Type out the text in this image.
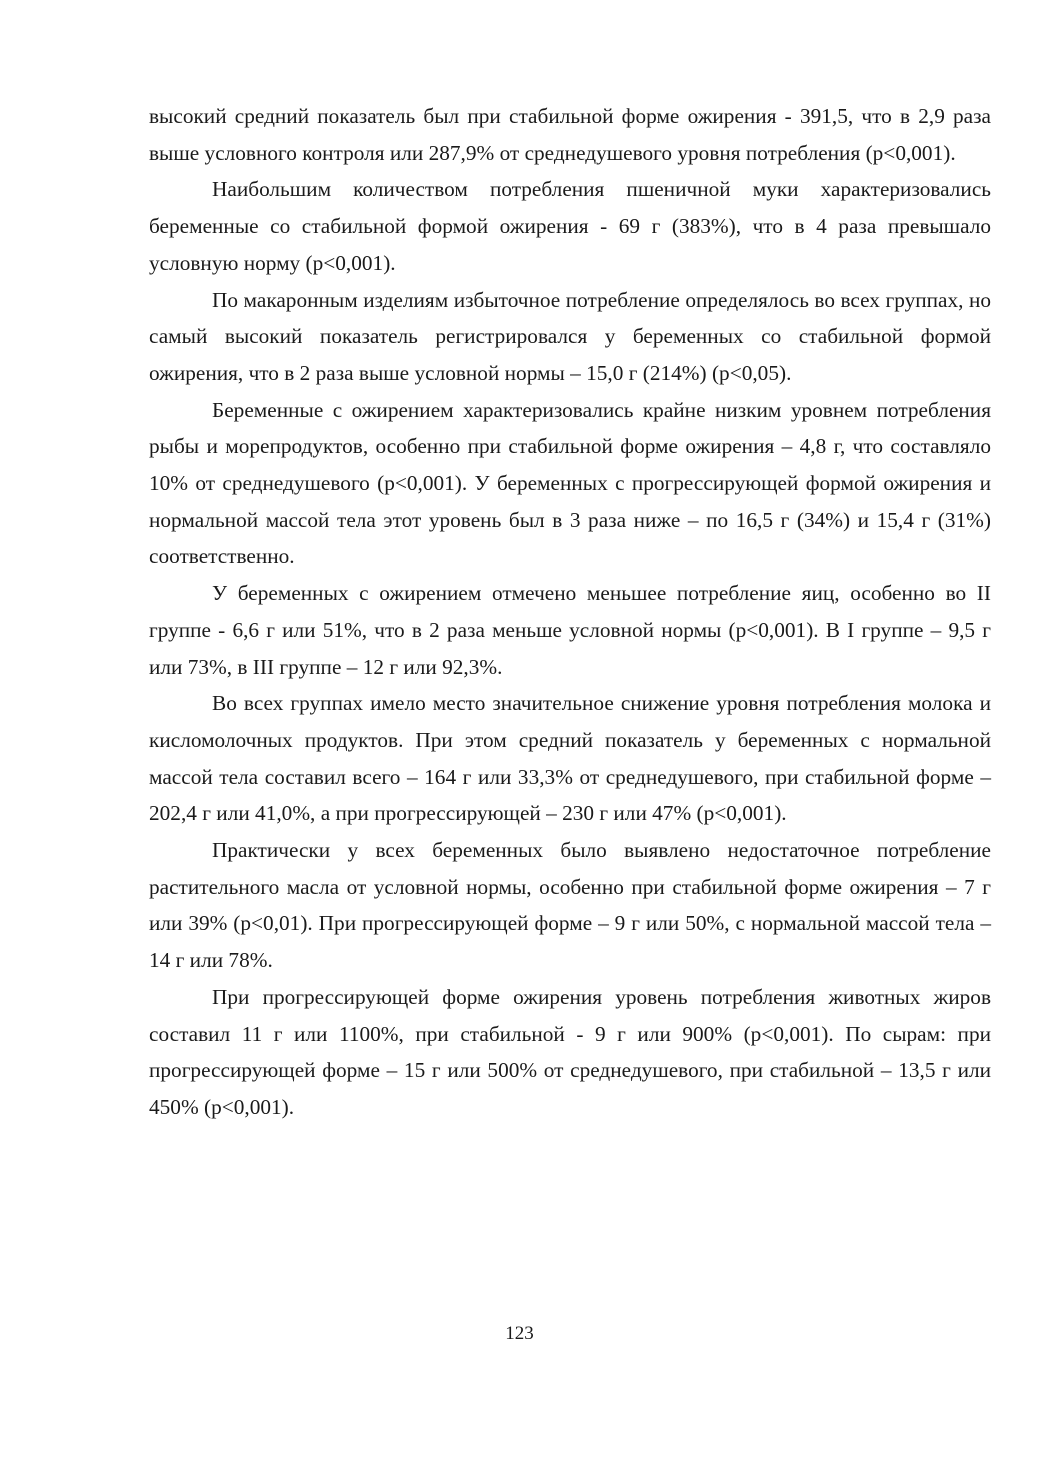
высокий средний показатель был при стабильной форме ожирения - 391,5, что в 2,9 раза выше условного контроля или 287,9% от среднедушевого уровня потребления (р<0,001).

Наибольшим количеством потребления пшеничной муки характеризовались беременные со стабильной формой ожирения - 69 г (383%), что в 4 раза превышало условную норму (р<0,001).

По макаронным изделиям избыточное потребление определялось во всех группах, но самый высокий показатель регистрировался у беременных со стабильной формой ожирения, что в 2 раза выше условной нормы – 15,0 г (214%) (р<0,05).

Беременные с ожирением характеризовались крайне низким уровнем потребления рыбы и морепродуктов, особенно при стабильной форме ожирения – 4,8 г, что составляло 10% от среднедушевого (р<0,001). У беременных с прогрессирующей формой ожирения и нормальной массой тела этот уровень был в 3 раза ниже – по 16,5 г (34%) и 15,4 г (31%) соответственно.

У беременных с ожирением отмечено меньшее потребление яиц, особенно во II группе - 6,6 г или 51%, что в 2 раза меньше условной нормы (р<0,001). В I группе – 9,5 г или 73%, в III группе – 12 г или 92,3%.

Во всех группах имело место значительное снижение уровня потребления молока и кисломолочных продуктов. При этом средний показатель у беременных с нормальной массой тела составил всего – 164 г или 33,3% от среднедушевого, при стабильной форме – 202,4 г или 41,0%, а при прогрессирующей – 230 г или 47% (р<0,001).

Практически у всех беременных было выявлено недостаточное потребление растительного масла от условной нормы, особенно при стабильной форме ожирения – 7 г или 39% (р<0,01). При прогрессирующей форме – 9 г или 50%, с нормальной массой тела – 14 г или 78%.

При прогрессирующей форме ожирения уровень потребления животных жиров составил 11 г или 1100%, при стабильной - 9 г или 900% (р<0,001). По сырам: при прогрессирующей форме – 15 г или 500% от среднедушевого, при стабильной – 13,5 г или 450% (р<0,001).

123
